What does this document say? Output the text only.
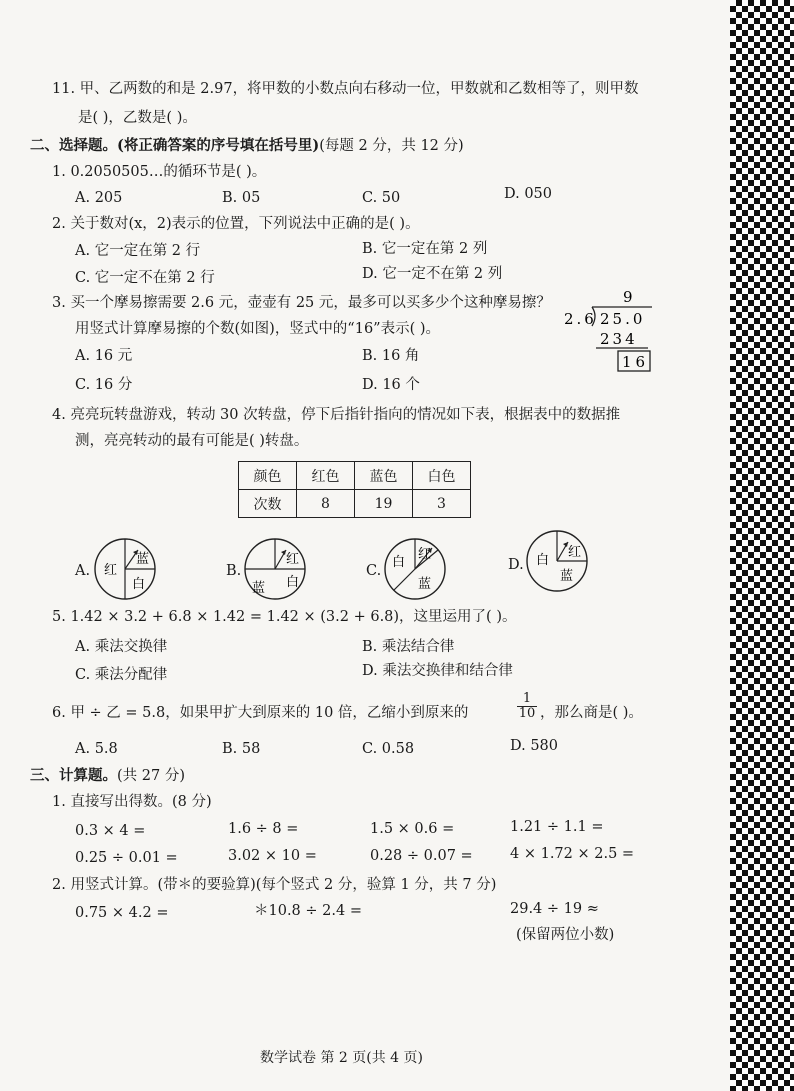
11. 甲、乙两数的和是 2.97，将甲数的小数点向右移动一位，甲数就和乙数相等了，则甲数
是( )，乙数是( )。
二、选择题。(将正确答案的序号填在括号里)(每题 2 分，共 12 分)
1. 0.2050505…的循环节是( )。
A. 205	B. 05	C. 50	D. 050
2. 关于数对(x，2)表示的位置，下列说法中正确的是( )。
A. 它一定在第 2 行	B. 它一定在第 2 列
C. 它一定不在第 2 行	D. 它一定不在第 2 列
3. 买一个摩易擦需要 2.6 元，壶壶有 25 元，最多可以买多少个这种摩易擦？
用竖式计算摩易擦的个数(如图)，竖式中的“16”表示( )。
A. 16 元	B. 16 角
C. 16 分	D. 16 个
9
2.6 25.0
234
16
4. 亮亮玩转盘游戏，转动 30 次转盘，停下后指针指向的情况如下表，根据表中的数据推
测，亮亮转动的最有可能是( )转盘。
颜色	红色	蓝色	白色
次数	8	19	3
A. 红
蓝
白
B.
蓝
红
白
C.
白
红
蓝
D. 白
红
蓝
5. 1.42 × 3.2 + 6.8 × 1.42 = 1.42 × (3.2 + 6.8)，这里运用了( )。
A. 乘法交换律	B. 乘法结合律
C. 乘法分配律	D. 乘法交换律和结合律
6. 甲 ÷ 乙 = 5.8，如果甲扩大到原来的 10 倍，乙缩小到原来的	$\frac{1}{10}$ ，那么商是( )。
A. 5.8	B. 58	C. 0.58	D. 580
三、计算题。(共 27 分)
1. 直接写出得数。(8 分)
0.3 × 4 =	1.6 ÷ 8 =	1.5 × 0.6 =	1.21 ÷ 1.1 =
0.25 ÷ 0.01 =	3.02 × 10 =	0.28 ÷ 0.07 =	4 × 1.72 × 2.5 =
2. 用竖式计算。(带＊的要验算)(每个竖式 2 分，验算 1 分，共 7 分)
0.75 × 4.2 =	＊10.8 ÷ 2.4 =	29.4 ÷ 19 ≈
(保留两位小数)
数学试卷 第 2 页(共 4 页)
